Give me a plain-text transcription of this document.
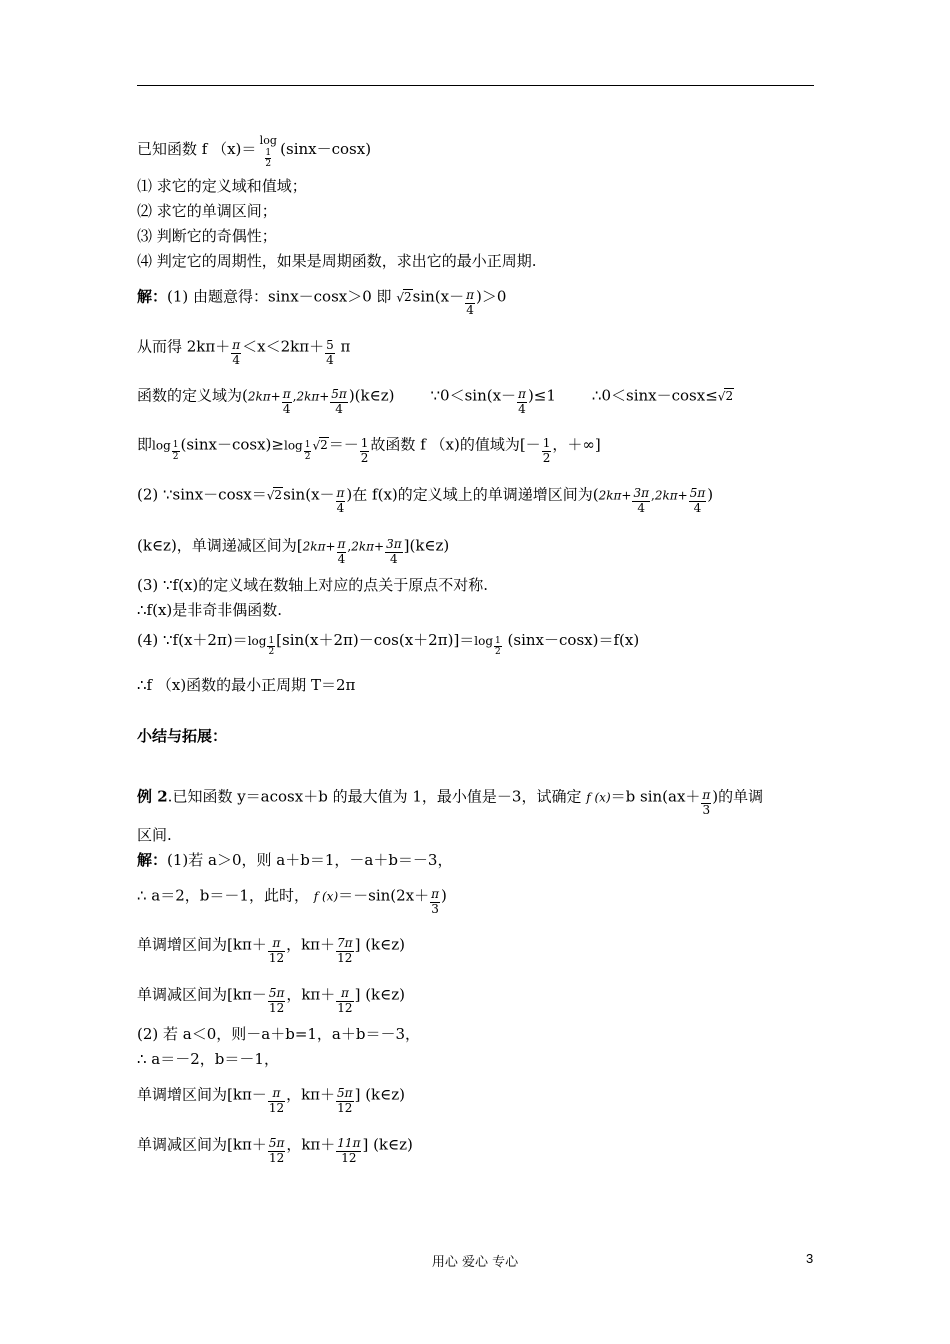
已知函数 f （x)＝ log
1
2
(sinx－cosx)
⑴ 求它的定义域和值域；
⑵ 求它的单调区间；
⑶ 判断它的奇偶性；
⑷ 判定它的周期性，如果是周期函数，求出它的最小正周期.
解：(1) 由题意得：sinx－cosx＞0 即 $√2\sin(x- \frac{\pi}{4} )>0$
从而得 $2k\pi+ \frac{\pi}{4} <x<2k\pi+ \frac{5}{4}$ π
函数的定义域为($2k\pi+ \frac{\pi}{4} ,2k\pi+ \frac{5\pi}{4}$ )(k∈z) ∵0＜sin(x－ $\frac{\pi}{4} )\le 1$ ∴0＜sinx－cosx≤√2
即$\log \frac{1}{2} (\sin x-\cos x)\ge\log \frac{1}{2} √2=- \frac{1}{2}$ 故函数 f （x)的值域为[－ $\frac{1}{2}$ ，＋∞]
(2) ∵sinx－cosx＝√2sin(x－ $\frac{\pi}{4}$ )在 f(x)的定义域上的单调递增区间为($2k\pi+ \frac{3\pi}{4} ,2k\pi+ \frac{5\pi}{4}$ )
(k∈z)，单调递减区间为[$2k\pi+ \frac{\pi}{4} ,2k\pi+ \frac{3\pi}{4}$ ](k∈z)
(3) ∵f(x)的定义域在数轴上对应的点关于原点不对称.
∴f(x)是非奇非偶函数.
(4) ∵f(x＋2π)＝log $\frac{1}{2} [\sin(x+2\pi)-\cos(x+2\pi)]=\log \frac{1}{2} (\sin x-\cos x)=f(x)$
∴f （x)函数的最小正周期 T＝2π
小结与拓展：
例 2.已知函数 y＝acosx＋b 的最大值为 1，最小值是－3，试确定 f (x)＝b $\sin(ax+ \frac{\pi}{3}$ )的单调
区间.
解：(1)若 a＞0，则 a＋b＝1，－a＋b＝－3，
∴ a＝2，b＝－1，此时， f $(x)=-\sin(2x+ \frac{\pi}{3}$ )
单调增区间为[$k\pi+ \frac{\pi}{12}$ ，$k\pi+ \frac{7\pi}{12}$ ] (k∈z)
单调减区间为[$k\pi- \frac{5\pi}{12}$ ，$k\pi+ \frac{\pi}{12}$ ] (k∈z)
(2) 若 a＜0，则－a＋b=1，a＋b＝－3，
∴ a＝－2，b＝－1，
单调增区间为[$k\pi- \frac{\pi}{12}$ ，$k\pi+ \frac{5\pi}{12}$ ] (k∈z)
单调减区间为[$k\pi+ \frac{5\pi}{12}$ ，$k\pi+ \frac{11\pi}{12}$ ] (k∈z)
用心 爱心 专心	3
